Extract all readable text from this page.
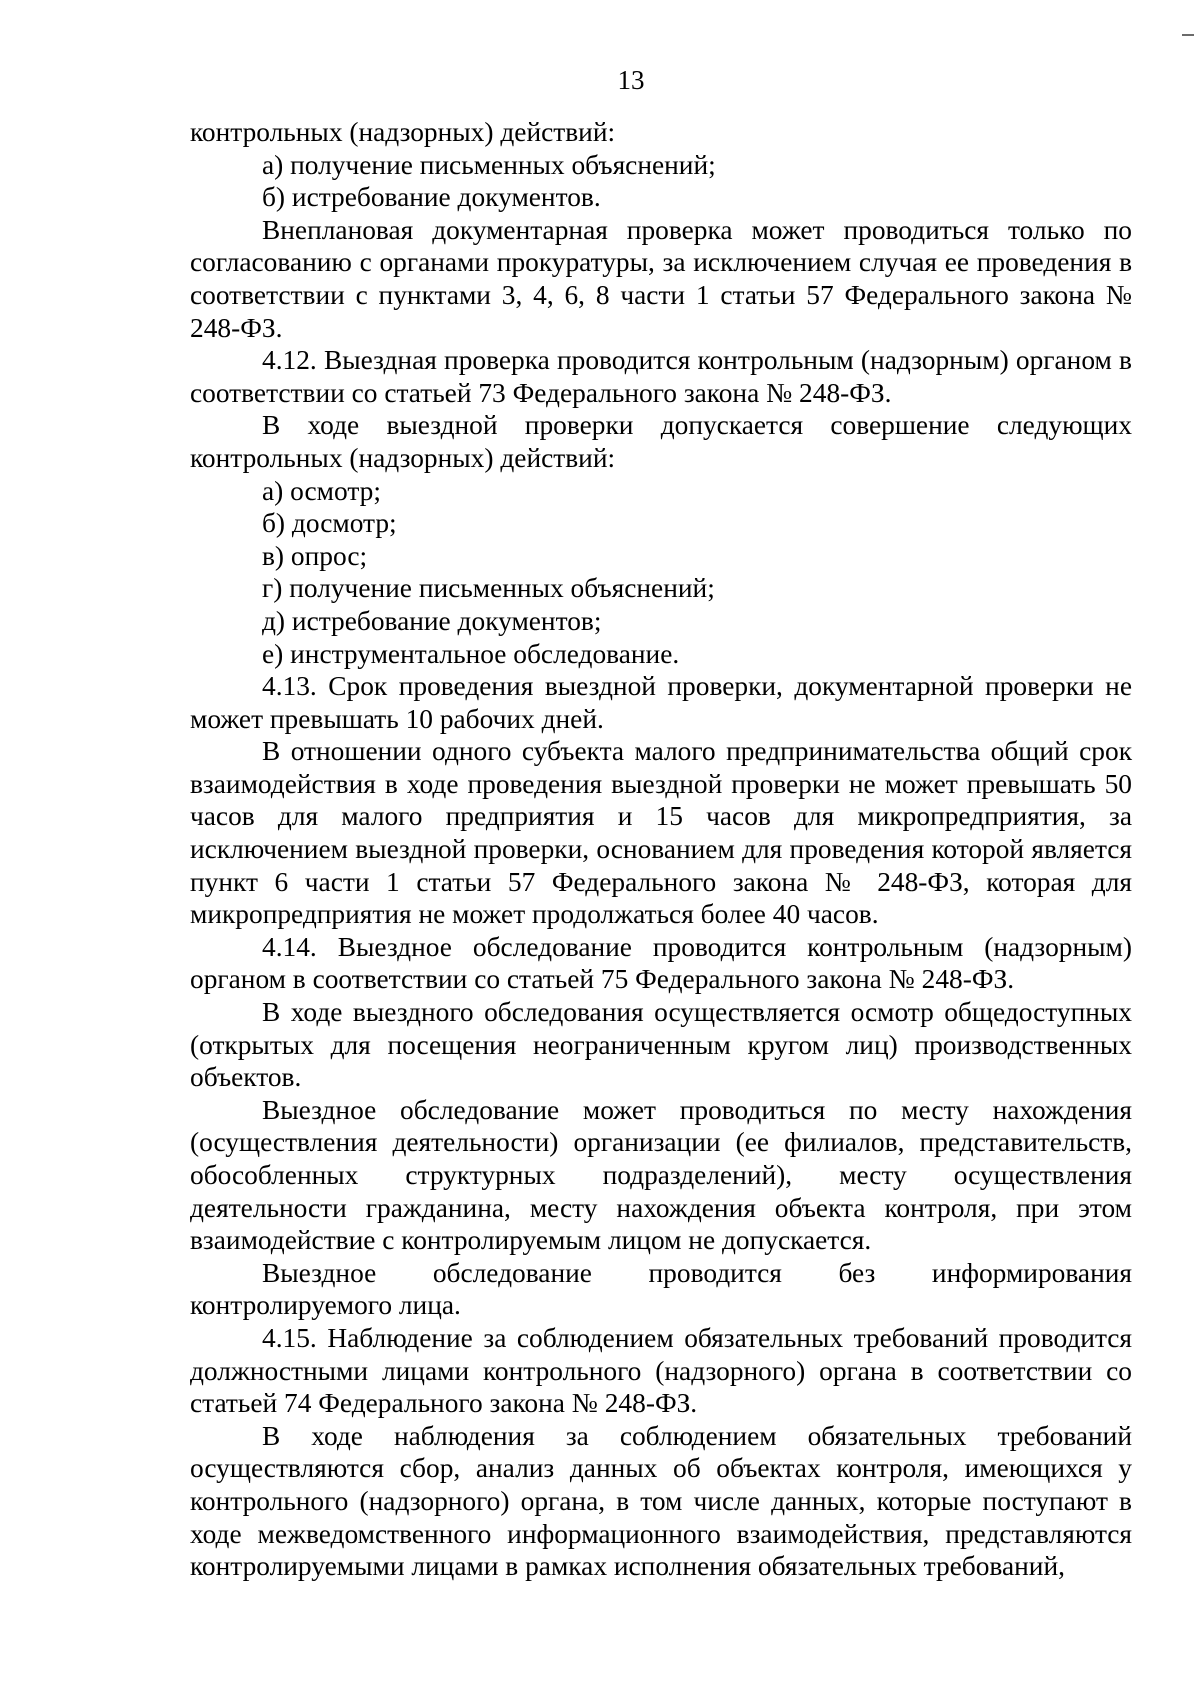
13

контрольных (надзорных) действий:

а) получение письменных объяснений;

б) истребование документов.

Внеплановая документарная проверка может проводиться только по согласованию с органами прокуратуры, за исключением случая ее проведения в соответствии с пунктами 3, 4, 6, 8 части 1 статьи 57 Федерального закона № 248-ФЗ.

4.12. Выездная проверка проводится контрольным (надзорным) органом в соответствии со статьей 73 Федерального закона № 248-ФЗ.

В ходе выездной проверки допускается совершение следующих контрольных (надзорных) действий:

а) осмотр;

б) досмотр;

в) опрос;

г) получение письменных объяснений;

д) истребование документов;

е) инструментальное обследование.

4.13. Срок проведения выездной проверки, документарной проверки не может превышать 10 рабочих дней.

В отношении одного субъекта малого предпринимательства общий срок взаимодействия в ходе проведения выездной проверки не может превышать 50 часов для малого предприятия и 15 часов для микропредприятия, за исключением выездной проверки, основанием для проведения которой является пункт 6 части 1 статьи 57 Федерального закона № 248-ФЗ, которая для микропредприятия не может продолжаться более 40 часов.

4.14. Выездное обследование проводится контрольным (надзорным) органом в соответствии со статьей 75 Федерального закона № 248-ФЗ.

В ходе выездного обследования осуществляется осмотр общедоступных (открытых для посещения неограниченным кругом лиц) производственных объектов.

Выездное обследование может проводиться по месту нахождения (осуществления деятельности) организации (ее филиалов, представительств, обособленных структурных подразделений), месту осуществления деятельности гражданина, месту нахождения объекта контроля, при этом взаимодействие с контролируемым лицом не допускается.

Выездное обследование проводится без информирования контролируемого лица.

4.15. Наблюдение за соблюдением обязательных требований проводится должностными лицами контрольного (надзорного) органа в соответствии со статьей 74 Федерального закона № 248-ФЗ.

В ходе наблюдения за соблюдением обязательных требований осуществляются сбор, анализ данных об объектах контроля, имеющихся у контрольного (надзорного) органа, в том числе данных, которые поступают в ходе межведомственного информационного взаимодействия, представляются контролируемыми лицами в рамках исполнения обязательных требований,
